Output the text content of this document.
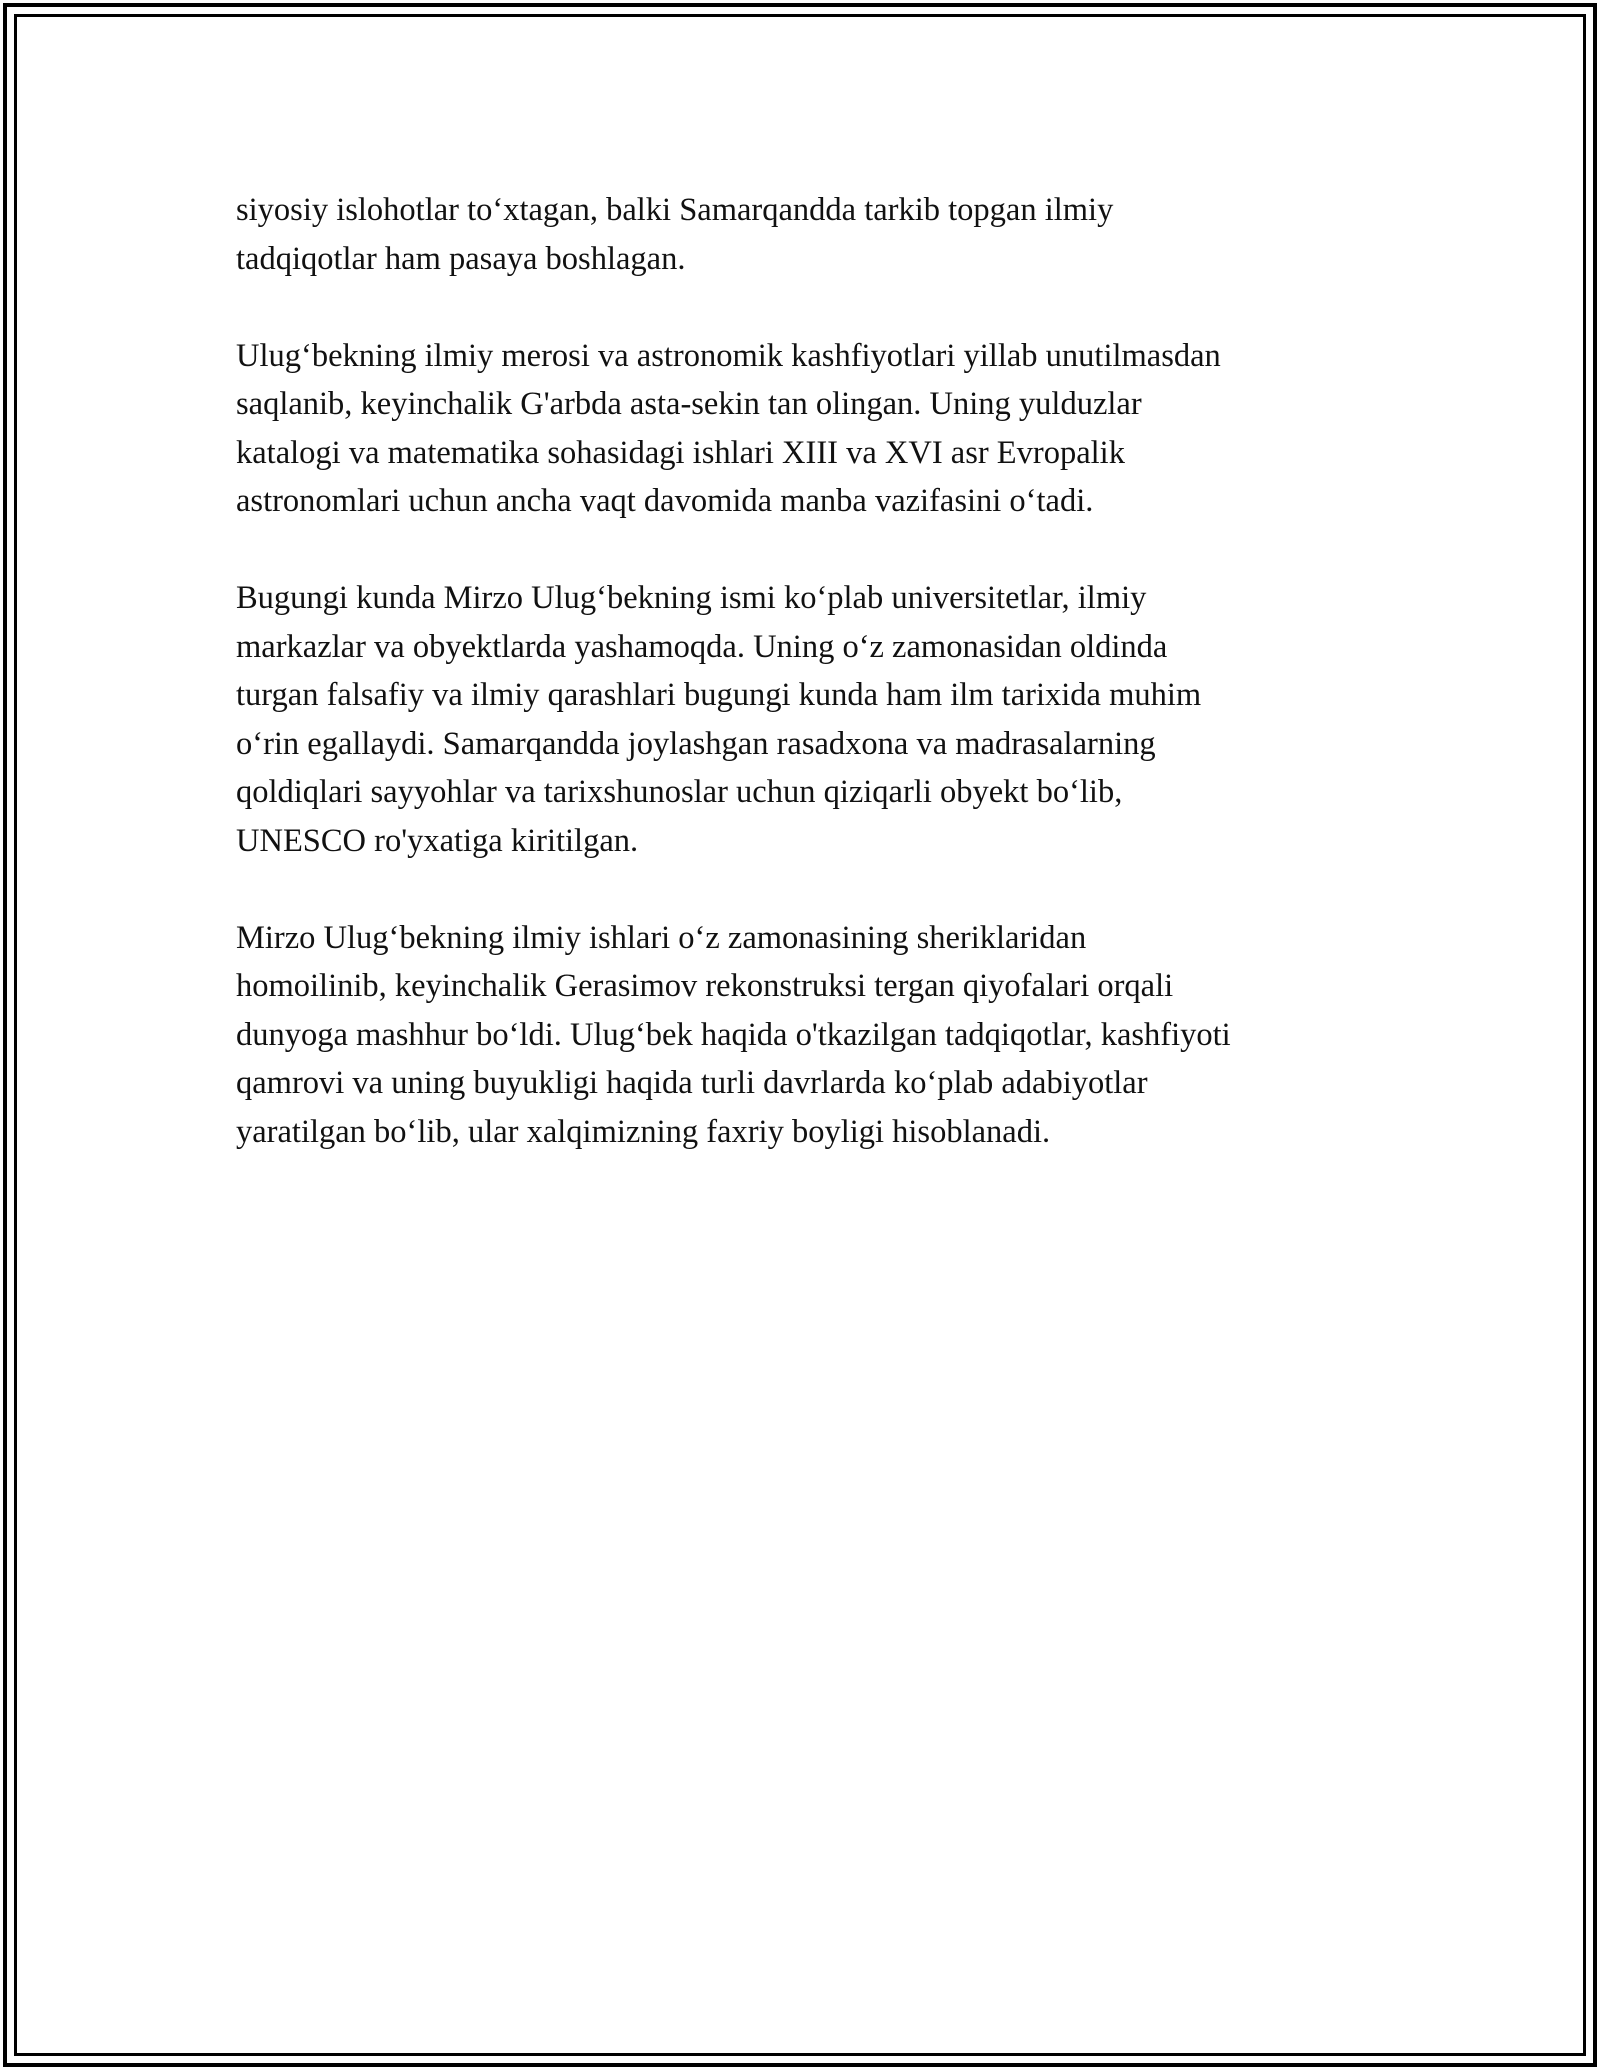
siyosiy islohotlar to‘xtagan, balki Samarqandda tarkib topgan ilmiy
tadqiqotlar ham pasaya boshlagan.

Ulug‘bekning ilmiy merosi va astronomik kashfiyotlari yillab unutilmasdan
saqlanib, keyinchalik G'arbda asta-sekin tan olingan. Uning yulduzlar
katalogi va matematika sohasidagi ishlari XIII va XVI asr Evropalik
astronomlari uchun ancha vaqt davomida manba vazifasini o‘tadi.

Bugungi kunda Mirzo Ulug‘bekning ismi ko‘plab universitetlar, ilmiy
markazlar va obyektlarda yashamoqda. Uning o‘z zamonasidan oldinda
turgan falsafiy va ilmiy qarashlari bugungi kunda ham ilm tarixida muhim
o‘rin egallaydi. Samarqandda joylashgan rasadxona va madrasalarning
qoldiqlari sayyohlar va tarixshunoslar uchun qiziqarli obyekt bo‘lib,
UNESCO ro'yxatiga kiritilgan.

Mirzo Ulug‘bekning ilmiy ishlari o‘z zamonasining sheriklaridan
homoilinib, keyinchalik Gerasimov rekonstruksi tergan qiyofalari orqali
dunyoga mashhur bo‘ldi. Ulug‘bek haqida o'tkazilgan tadqiqotlar, kashfiyoti
qamrovi va uning buyukligi haqida turli davrlarda ko‘plab adabiyotlar
yaratilgan bo‘lib, ular xalqimizning faxriy boyligi hisoblanadi.
